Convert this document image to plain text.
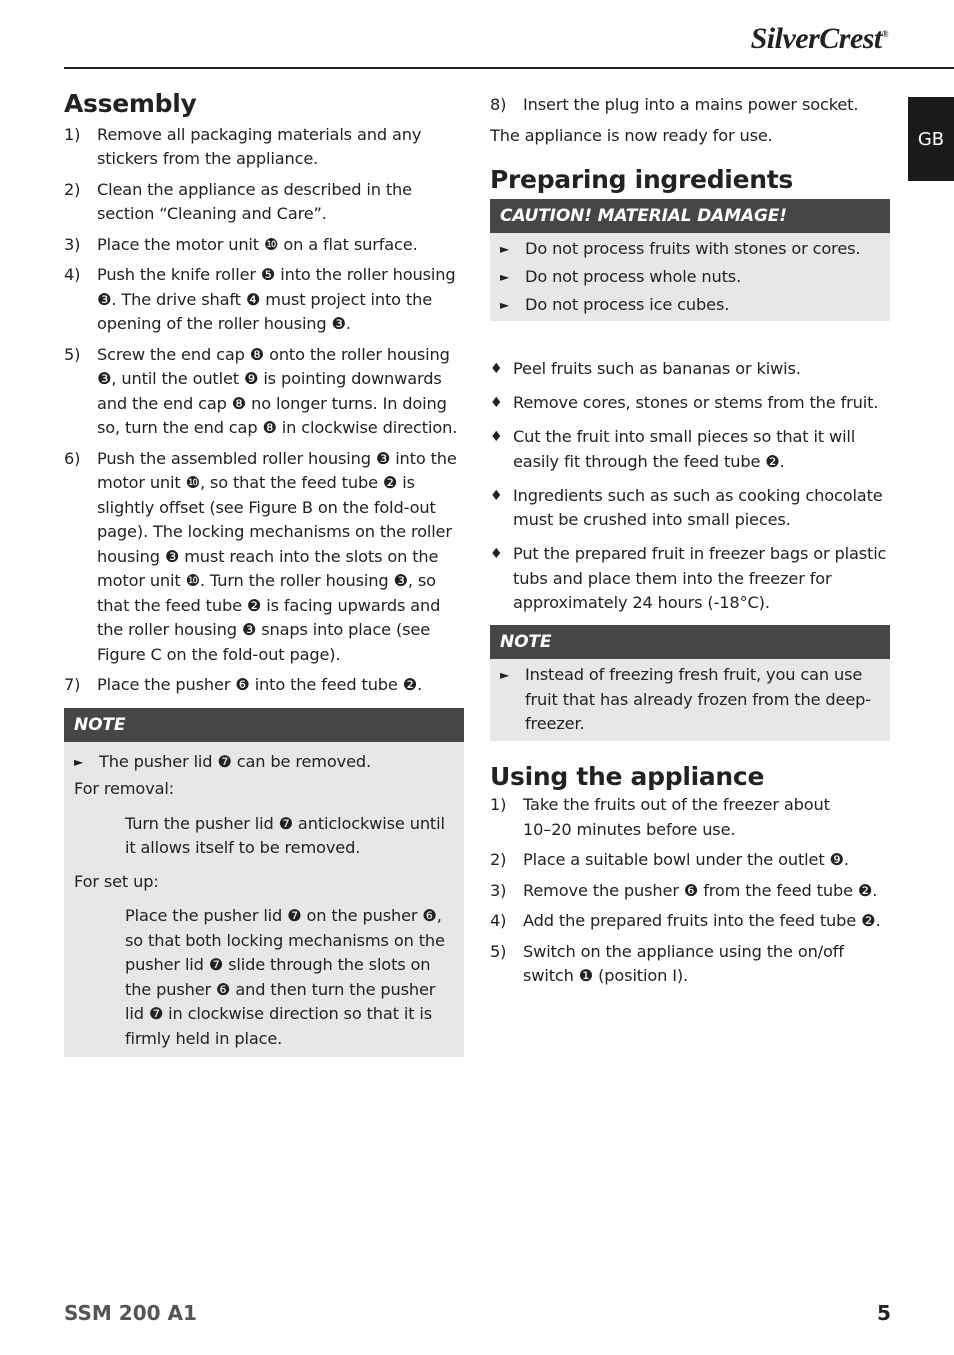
SilverCrest®
GB
Assembly
1)	Remove all packaging materials and any stickers from the appliance.
2)	Clean the appliance as described in the section “Cleaning and Care”.
3)	Place the motor unit ❿ on a flat surface.
4)	Push the knife roller ❺ into the roller housing ❸. The drive shaft ❹ must project into the opening of the roller housing ❸.
5)	Screw the end cap ❽ onto the roller housing ❸, until the outlet ❾ is pointing downwards and the end cap ❽ no longer turns. In doing so, turn the end cap ❽ in clockwise direction.
6)	Push the assembled roller housing ❸ into the motor unit ❿, so that the feed tube ❷ is slightly offset (see Figure B on the fold-out page). The locking mechanisms on the roller housing ❸ must reach into the slots on the motor unit ❿. Turn the roller housing ❸, so that the feed tube ❷ is facing upwards and the roller housing ❸ snaps into place (see Figure C on the fold-out page).
7)	Place the pusher ❻ into the feed tube ❷.
NOTE
► The pusher lid ❼ can be removed.
For removal:
Turn the pusher lid ❼ anticlockwise until it allows itself to be removed.
For set up:
Place the pusher lid ❼ on the pusher ❻, so that both locking mechanisms on the pusher lid ❼ slide through the slots on the pusher ❻ and then turn the pusher lid ❼ in clockwise direction so that it is firmly held in place.
8)	Insert the plug into a mains power socket.
The appliance is now ready for use.
Preparing ingredients
CAUTION! MATERIAL DAMAGE!
► Do not process fruits with stones or cores.
► Do not process whole nuts.
► Do not process ice cubes.
♦ Peel fruits such as bananas or kiwis.
♦ Remove cores, stones or stems from the fruit.
♦ Cut the fruit into small pieces so that it will easily fit through the feed tube ❷.
♦ Ingredients such as such as cooking chocolate must be crushed into small pieces.
♦ Put the prepared fruit in freezer bags or plastic tubs and place them into the freezer for approximately 24 hours (-18°C).
NOTE
► Instead of freezing fresh fruit, you can use fruit that has already frozen from the deep-freezer.
Using the appliance
1)	Take the fruits out of the freezer about 10–20 minutes before use.
2)	Place a suitable bowl under the outlet ❾.
3)	Remove the pusher ❻ from the feed tube ❷.
4)	Add the prepared fruits into the feed tube ❷.
5)	Switch on the appliance using the on/off switch ❶ (position I).
SSM 200 A1	5
